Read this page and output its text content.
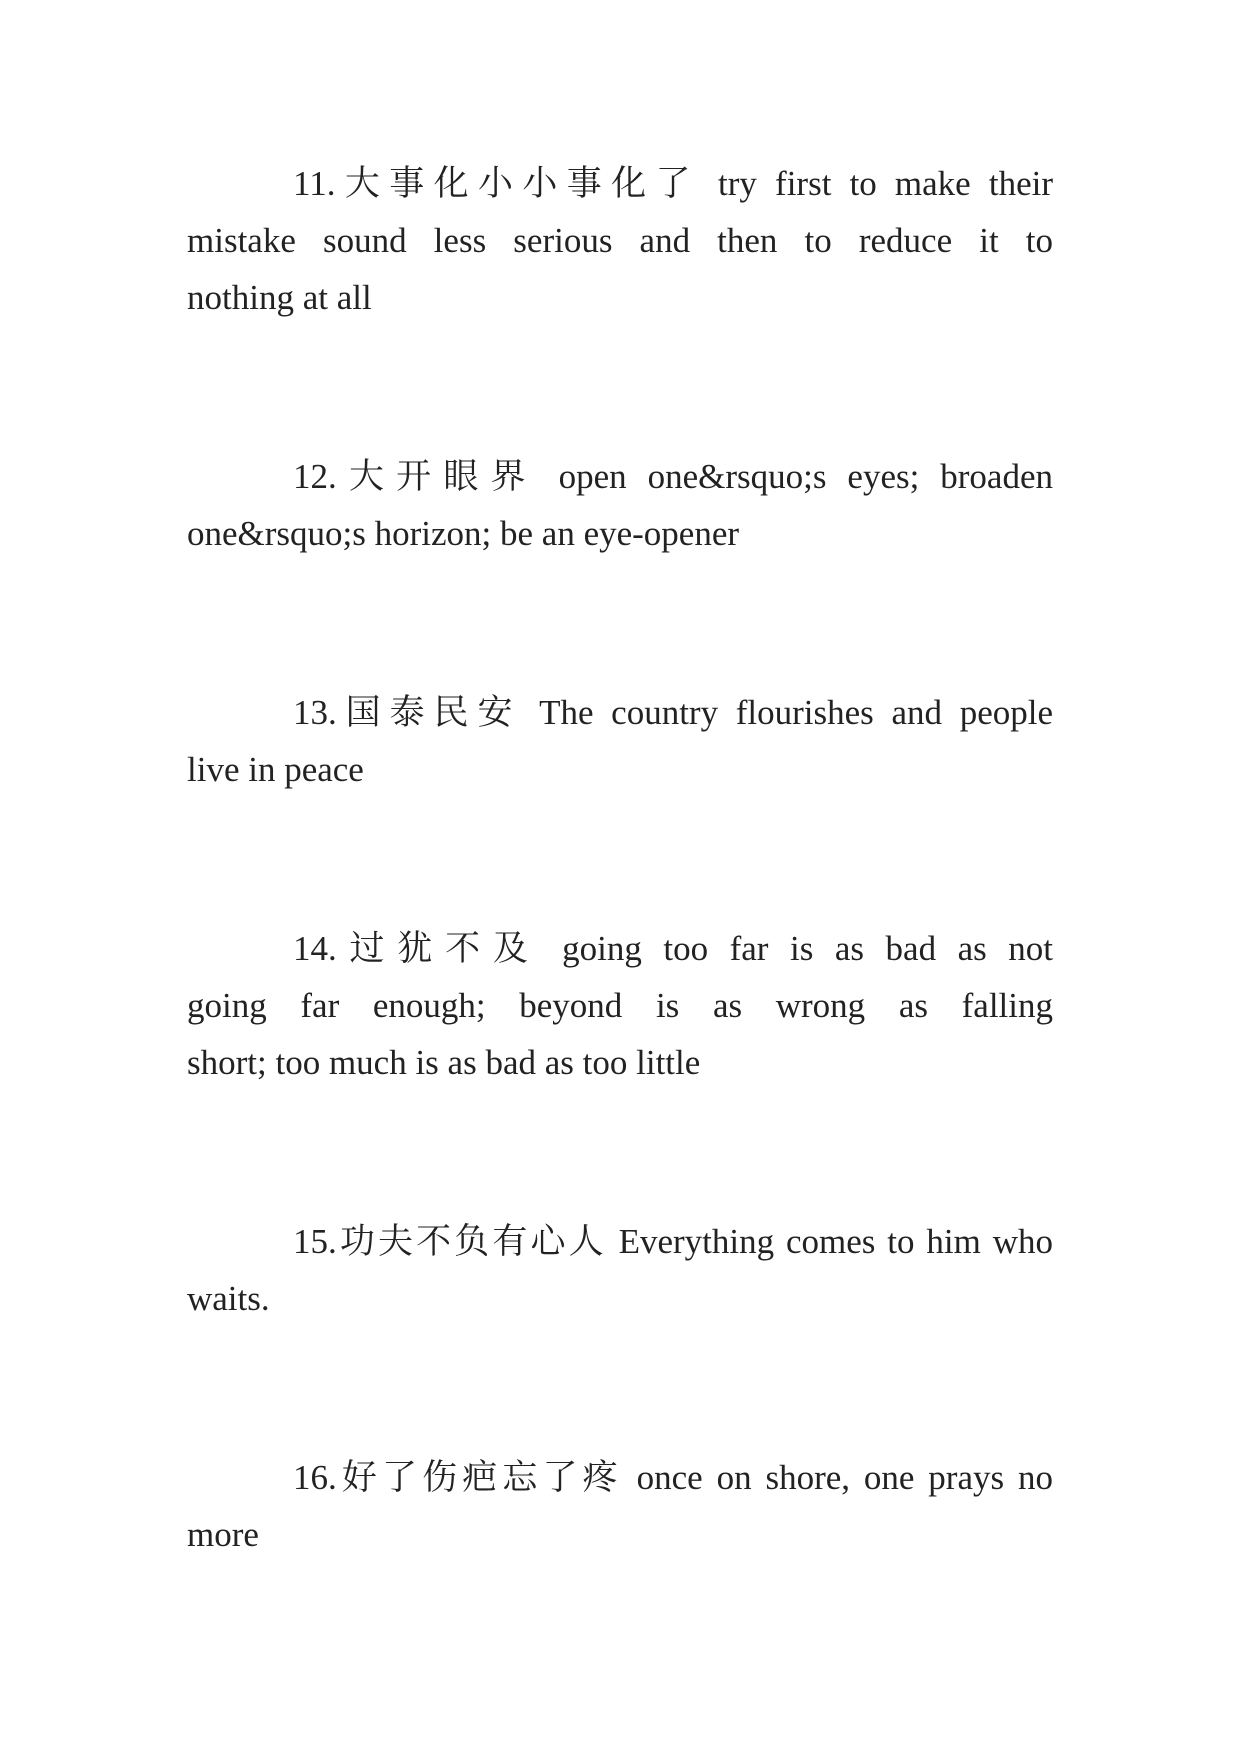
11.大事化小小事化了 try first to make their
mistake sound less serious and then to reduce it to
nothing at all
12.大开眼界 open one&rsquo;s eyes; broaden
one&rsquo;s horizon; be an eye-opener
13.国泰民安 The country flourishes and people
live in peace
14.过犹不及 going too far is as bad as not
going far enough; beyond is as wrong as falling
short; too much is as bad as too little
15.功夫不负有心人 Everything comes to him who
waits.
16.好了伤疤忘了疼 once on shore, one prays no
more
